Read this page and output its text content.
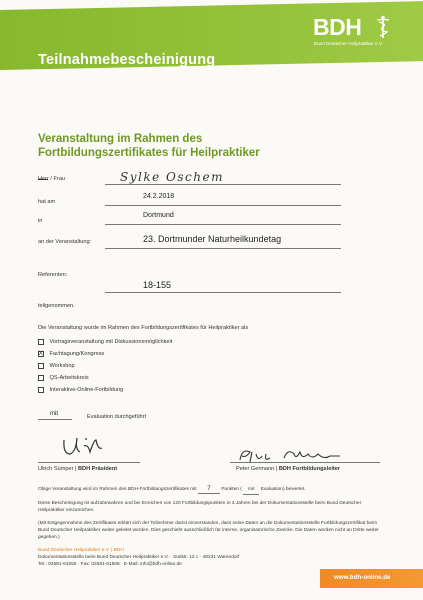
Teilnahmebescheinigung
BDH
Bund Deutscher Heilpraktiker e.V.
Veranstaltung im Rahmen des
Fortbildungszertifikates für Heilpraktiker
Herr / Frau	Sylke Oschem
hat am
24.2.2018
in
Dortmund
an der Veranstaltung:	23. Dortmunder Naturheilkundetag
Referenten:
18-155
teilgenommen.
Die Veranstaltung wurde im Rahmen des Fortbildungszertifikates für Heilpraktiker als
Vortragsveranstaltung mit Diskussionsmöglichkeit
X Fachtagung/Kongress
Workshop
QS-Arbeitskreis
Interaktive-Online-Fortbildung
mit	Evaluation durchgeführt
Ulrich Sümper | BDH Präsident	Peter Germann | BDH Fortbildungsleiter
Obige Veranstaltung wird im Rahmen des BDH-Fortbildungszertifikates mit 7 Punkten ( mit Evaluation) bewertet.
Diese Bescheinigung ist aufzubewahren und bei Erreichen von 120 Fortbildungspunkten in 3 Jahren bei der Dokumentationsstelle beim Bund Deutscher Heilpraktiker einzureichen.
(Mit Entgegennahme des Zertifikates erklärt sich der Teilnehmer damit einverstanden, dass seine Daten an die Dokumentationsstelle Fortbildungszertifikat beim Bund Deutscher Heilpraktiker weiter geleitet werden. Dies geschieht ausschließlich für interne, organisatorische Zwecke. Die Daten werden nicht an Dritte weiter gegeben.)
Bund Deutscher Heilpraktiker e.V. | BDH
Dokumentationsstelle beim Bund Deutscher Heilpraktiker e.V. · Südstr. 12 c · 48231 Warendorf
Tel.: 02581-61550 · Fax: 02581-61508 · E-Mail: info@bdh-online.de
www.bdh-online.de
